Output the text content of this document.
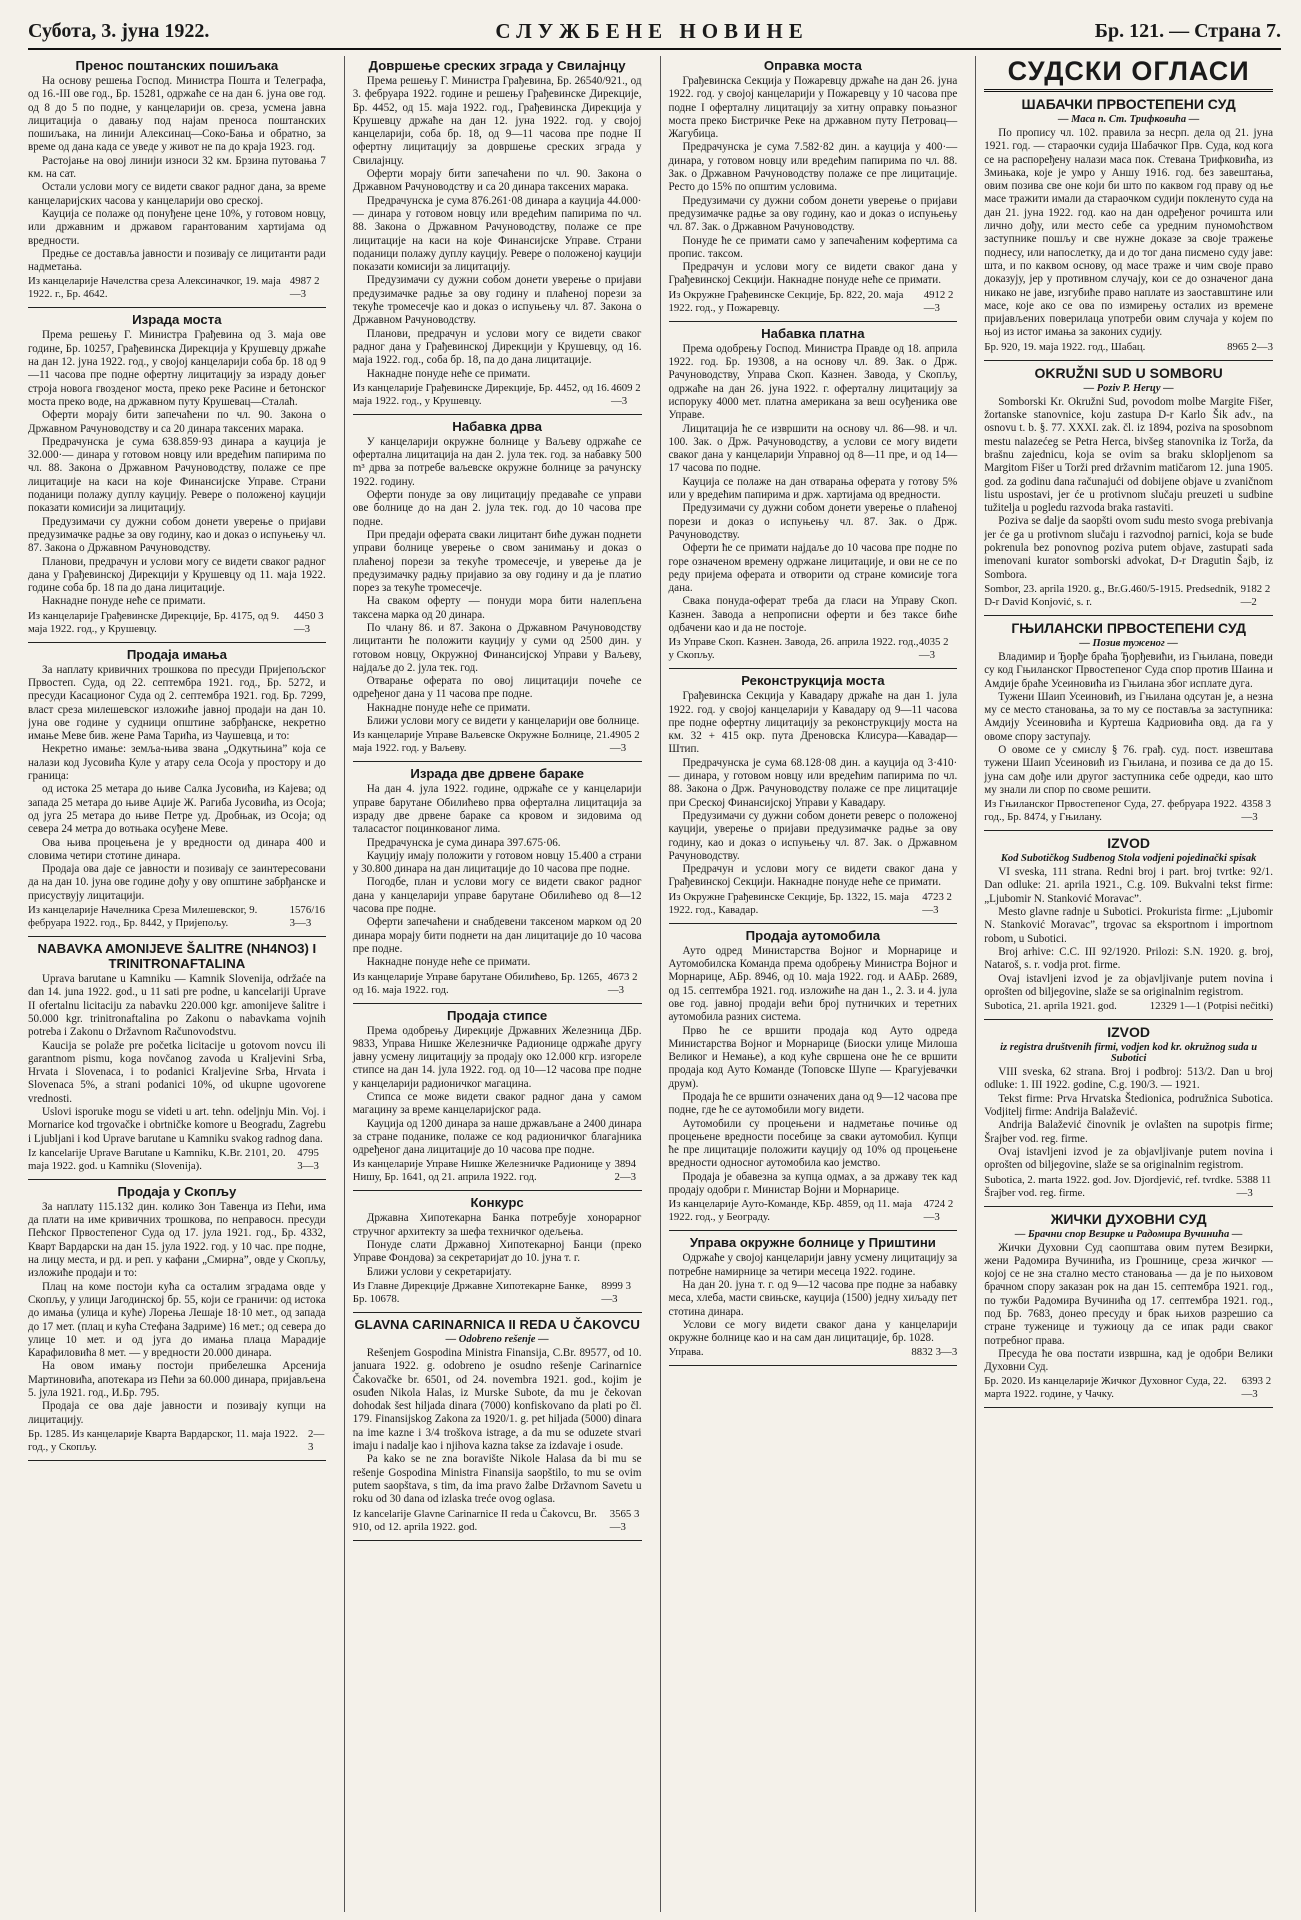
Субота, 3. јуна 1922.	СЛУЖБЕНЕ НОВИНЕ	Бр. 121. — Страна 7.
Пренос поштанских пошиљака

На основу решења Господ. Министра Пошта и Телеграфа, од 16.-III ове год., Бр. 15281, одржаће се на дан 6. јуна ове год. од 8 до 5 по подне, у канцеларији ов. среза, усмена јавна лицитација о давању под најам преноса поштанских пошиљака, на линији Алексинац—Соко-Бања и обратно, за време од дана када се уведе у живот не па до краја 1923. год.

Растојање на овој линији износи 32 км. Брзина путовања 7 км. на сат.

Остали услови могу се видети сваког радног дана, за време канцеларијских часова у канцеларији ово среској.

Кауција се полаже од понуђене цене 10%, у готовом новцу, или државним и државом гарантованим хартијама од вредности.

Предње се доставља јавности и позивају се лицитанти ради надметања.

Из канцеларије Начелства среза Алексиначког, 19. маја 1922. г., Бр. 4642.
4987 2—3
Израда моста

Према решењу Г. Министра Грађевина од 3. маја ове године, Бр. 10257, Грађевинска Дирекција у Крушевцу држаће на дан 12. јуна 1922. год., у својој канцеларији соба бр. 18 од 9—11 часова пре подне офертну лицитацију за израду доњег строја новога гвозденог моста, преко реке Расине и бетонског моста преко воде, на државном путу Крушевац—Сталаћ.

Оферти морају бити запечаћени по чл. 90. Закона о Државном Рачуноводству и са 20 динара таксених марака.

Предрачунска је сума 638.859·93 динара а кауција је 32.000·— динара у готовом новцу или вредећим папирима по чл. 88. Закона о Државном Рачуноводству, полаже се пре лицитације на каси на које Финансијске Управе. Страни поданици полажу дуплу кауцију. Ревере о положеној кауцији показати комисији за лицитацију.

Предузимачи су дужни собом донети уверење о пријави предузимачке радње за ову годину, као и доказ о испуњењу чл. 87. Закона о Државном Рачуноводству.

Планови, предрачун и услови могу се видети сваког радног дана у Грађевинској Дирекцији у Крушевцу од 11. маја 1922. године соба бр. 18 па до дана лицитације.

Накнадне понуде неће се примати.

Из канцеларије Грађевинске Дирекције, Бр. 4175, од 9. маја 1922. год., у Крушевцу.
4450 3—3
Продаја имања

За наплату кривичних трошкова по пресуди Пријепољског Првостеп. Суда, од 22. септембра 1921. год., Бр. 5272, и пресуди Касационог Суда од 2. септембра 1921. год. Бр. 7299, власт среза милешевског изложиће јавној продаји на дан 10. јуна ове године у судници општине забрђанске, некретно имање Меве бив. жене Рама Тарића, из Чаушевца, и то:

Некретно имање: земља-њива звана „Одкутњина” која се налази код Јусовића Куле у атару села Осоја у простору и до граница:

од истока 25 метара до њиве Салка Јусовића, из Кајева; од запада 25 метара до њиве Аџије Ж. Рагиба Јусовића, из Осоја; од југа 25 метара до њиве Петре уд. Дробњак, из Осоја; од севера 24 метра до вотњака осуђене Меве.

Ова њива процењена је у вредности од динара 400 и словима четири стотине динара.

Продаја ова даје се јавности и позивају се заинтересовани да на дан 10. јуна ове године дођу у ову општине забрђанске и присуствују лицитацији.

Из канцеларије Начелника Среза Милешевског, 9. фебруара 1922. год., Бр. 8442, у Пријепољу.
1576/16 3—3
NABAVKA AMONIJEVE ŠALITRE (NH4NO3) I TRINITRONAFTALINA

Uprava barutane u Kamniku — Kamnik Slovenija, održaće na dan 14. juna 1922. god., u 11 sati pre podne, u kancelariji Uprave II ofertalnu licitaciju za nabavku 220.000 kgr. amonijeve šalitre i 50.000 kgr. trinitronaftalina po Zakonu o nabavkama vojnih potreba i Zakonu o Državnom Računovodstvu.

Kaucija se polaže pre početka licitacije u gotovom novcu ili garantnom pismu, koga novčanog zavoda u Kraljevini Srba, Hrvata i Slovenaca, i to podanici Kraljevine Srba, Hrvata i Slovenaca 5%, a strani podanici 10%, od ukupne ugovorene vrednosti.

Uslovi isporuke mogu se videti u art. tehn. odeljnju Min. Voj. i Mornarice kod trgovačke i obrtničke komore u Beogradu, Zagrebu i Ljubljani i kod Uprave barutane u Kamniku svakog radnog dana.

Iz kancelarije Uprave Barutane u Kamniku, K.Br. 2101, 20. maja 1922. god. u Kamniku (Slovenija).
4795 3—3
Продаја у Скопљу

За наплату 115.132 дин. колико Зон Тавенџа из Пећи, има да плати на име кривичних трошкова, по неправосн. пресуди Пећског Првостепеног Суда од 17. јула 1921. год., Бр. 4332, Кварт Вардарски на дан 15. јула 1922. год. у 10 час. пре подне, на лицу места, и рд. и реп. у кафани „Смирна”, овде у Скопљу, изложиће продаји и то:

Плац на коме постоји кућа са осталим зградама овде у Скопљу, у улици Јагодинској бр. 55, који се граничи: од истока до имања (улица и куће) Лорења Лешаје 18·10 мет., од запада до 17 мет. (плац и кућа Стефана Задриме) 16 мет.; од севера до улице 10 мет. и од југа до имања плаца Марадије Карафиловића 8 мет. — у вредности 20.000 динара.

На овом имању постоји прибелешка Арсенија Мартиновића, апотекара из Пећи за 60.000 динара, пријављена 5. јула 1921. год., И.Бр. 795.

Продаја се ова даје јавности и позивају купци на лицитацију.

Бр. 1285. Из канцеларије Кварта Вардарског, 11. маја 1922. год., у Скопљу.
2—3
Довршење среских зграда у Свилајнцу

Према решењу Г. Министра Грађевина, Бр. 26540/921., од 3. фебруара 1922. године и решењу Грађевинске Дирекције, Бр. 4452, од 15. маја 1922. год., Грађевинска Дирекција у Крушевцу држаће на дан 12. јуна 1922. год. у својој канцеларији, соба бр. 18, од 9—11 часова пре подне II офертну лицитацију за довршење среских зграда у Свилајнцу.

Оферти морају бити запечаћени по чл. 90. Закона о Државном Рачуноводству и са 20 динара таксених марака.

Предрачунска је сума 876.261·08 динара а кауција 44.000·— динара у готовом новцу или вредећим папирима по чл. 88. Закона о Државном Рачуноводству, полаже се пре лицитације на каси на које Финансијске Управе. Страни поданици полажу дуплу кауцију. Ревере о положеној кауцији показати комисији за лицитацију.

Предузимачи су дужни собом донети уверење о пријави предузимачке радње за ову годину и плаћеној порези за текуће тромесечје као и доказ о испуњењу чл. 87. Закона о Државном Рачуноводству.

Планови, предрачун и услови могу се видети сваког радног дана у Грађевинској Дирекцији у Крушевцу, од 16. маја 1922. год., соба бр. 18, па до дана лицитације.

Накнадне понуде неће се примати.

Из канцеларије Грађевинске Дирекције, Бр. 4452, од 16. маја 1922. год., у Крушевцу.
4609 2—3
Набавка дрва

У канцеларији окружне болнице у Ваљеву одржаће се офертална лицитација на дан 2. јула тек. год. за набавку 500 m³ дрва за потребе ваљевске окружне болнице за рачунску 1922. годину.

Оферти понуде за ову лицитацију предаваће се управи ове болнице до на дан 2. јула тек. год. до 10 часова пре подне.

При предаји оферата сваки лицитант биће дужан поднети управи болнице уверење о свом занимању и доказ о плаћеној порези за текуће тромесечје, и уверење да је предузимачку радњу пријавио за ову годину и да је платио порез за текуће тромесечје.

На сваком оферту — понуди мора бити налепљена таксена марка од 20 динара.

По члану 86. и 87. Закона о Државном Рачуноводству лицитанти ће положити кауцију у суми од 2500 дин. у готовом новцу, Окружној Финансијској Управи у Ваљеву, најдаље до 2. јула тек. год.

Отварање оферата по овој лицитацији почеће се одређеног дана у 11 часова пре подне.

Накнадне понуде неће се примати.

Ближи услови могу се видети у канцеларији ове болнице.

Из канцеларије Управе Ваљевске Окружне Болнице, 21. маја 1922. год. у Ваљеву.
4905 2—3
Израда две дрвене бараке

На дан 4. јула 1922. године, одржаће се у канцеларији управе барутане Обилићево прва офертална лицитација за израду две дрвене бараке са кровом и зидовима од таласастог поцинкованог лима.

Предрачунска је сума динара 397.675·06.

Кауцију имају положити у готовом новцу 15.400 а страни у 30.800 динара на дан лицитације до 10 часова пре подне.

Погодбе, план и услови могу се видети сваког радног дана у канцеларији управе барутане Обилићево од 8—12 часова пре подне.

Оферти запечаћени и снабдевени таксеном марком од 20 динара морају бити поднети на дан лицитације до 10 часова пре подне.

Накнадне понуде неће се примати.

Из канцеларије Управе барутане Обилићево, Бр. 1265, од 16. маја 1922. год.
4673 2—3
Продаја стипсе

Према одобрењу Дирекције Државних Железница ДБр. 9833, Управа Нишке Железничке Радионице одржаће другу јавну усмену лицитацију за продају око 12.000 кгр. изгореле стипсе на дан 14. јула 1922. год. од 10—12 часова пре подне у канцеларији радионичког магацина.

Стипса се може видети сваког радног дана у самом магацину за време канцеларијског рада.

Кауција од 1200 динара за наше држављане а 2400 динара за стране поданике, полаже се код радионичког благајника одређеног дана лицитације до 10 часова пре подне.

Из канцеларије Управе Нишке Железничке Радионице у Нишу, Бр. 1641, од 21. априла 1922. год.
3894 2—3
Конкурс

Државна Хипотекарна Банка потребује хонорарног стручног архитекту за шефа техничког одељења.

Понуде слати Државној Хипотекарној Банци (преко Управе Фондова) за секретаријат до 10. јуна т. г.

Ближи услови у секретаријату.

Из Главне Дирекције Државне Хипотекарне Банке, Бр. 10678.
8999 3—3
GLAVNA CARINARNICA II REDA U ČAKOVCU
— Odobreno rešenje —

Rešenjem Gospodina Ministra Finansija, C.Br. 89577, od 10. januara 1922. g. odobreno je osudno rešenje Carinarnice Čakovačke br. 6501, od 24. novembra 1921. god., kojim je osuđen Nikola Halas, iz Murske Subote, da mu je čekovan dohodak šest hiljada dinara (7000) konfiskovano da plati po čl. 179. Finansijskog Zakona za 1920/1. g. pet hiljada (5000) dinara na ime kazne i 3/4 troškova istrage, a da mu se oduzete stvari imaju i nadalje kao i njihova kazna takse za izdavaje i osude.

Pa kako se ne zna boravište Nikole Halasa da bi mu se rešenje Gospodina Ministra Finansija saopštilo, to mu se ovim putem saopštava, s tim, da ima pravo žalbe Državnom Savetu u roku od 30 dana od izlaska treće ovog oglasa.

Iz kancelarije Glavne Carinarnice II reda u Čakovcu, Br. 910, od 12. aprila 1922. god.
3565 3—3
Оправка моста

Грађевинска Секција у Пожаревцу држаће на дан 26. јуна 1922. год. у својој канцеларији у Пожаревцу у 10 часова пре подне I оферталну лицитацију за хитну оправку поњазног моста преко Бистричке Реке на државном путу Петровац—Жагубица.

Предрачунска је сума 7.582·82 дин. а кауција у 400·— динара, у готовом новцу или вредећим папирима по чл. 88. Зак. о Државном Рачуноводству полаже се пре лицитације. Ресто до 15% по општим условима.

Предузимачи су дужни собом донети уверење о пријави предузимачке радње за ову годину, као и доказ о испуњењу чл. 87. Зак. о Државном Рачуноводству.

Понуде ће се примати само у запечаћеним кофертима са пропис. таксом.

Предрачун и услови могу се видети сваког дана у Грађевинској Секцији. Накнадне понуде неће се примати.

Из Окружне Грађевинске Секције, Бр. 822, 20. маја 1922. год., у Пожаревцу.
4912 2—3
Набавка платна

Према одобрењу Господ. Министра Правде од 18. априла 1922. год. Бр. 19308, а на основу чл. 89. Зак. о Држ. Рачуноводству, Управа Скоп. Казнен. Завода, у Скопљу, одржаће на дан 26. јуна 1922. г. оферталну лицитацију за испоруку 4000 мет. платна американа за веш осуђеника ове Управе.

Лицитација ће се извршити на основу чл. 86—98. и чл. 100. Зак. о Држ. Рачуноводству, а услови се могу видети сваког дана у канцеларији Управној од 8—11 пре, и од 14—17 часова по подне.

Кауција се полаже на дан отварања оферата у готову 5% или у вредећим папирима и држ. хартијама од вредности.

Предузимачи су дужни собом донети уверење о плаћеној порези и доказ о испуњењу чл. 87. Зак. о Држ. Рачуноводству.

Оферти ће се примати најдаље до 10 часова пре подне по горе означеном времену одржане лицитације, и ови не се по реду пријема оферата и отворити од стране комисије тога дана.

Свака понуда-оферат треба да гласи на Управу Скоп. Казнен. Завода а непрописни оферти и без таксе биће одбачени као и да не постоје.

Из Управе Скоп. Казнен. Завода, 26. априла 1922. год., у Скопљу.
4035 2—3
Реконструкција моста

Грађевинска Секција у Кавадару држаће на дан 1. јула 1922. год. у својој канцеларији у Кавадару од 9—11 часова пре подне офертну лицитацију за реконструкцију моста на км. 32 + 415 окр. пута Дреновска Клисура—Кавадар—Штип.

Предрачунска је сума 68.128·08 дин. а кауција од 3·410·— динара, у готовом новцу или вредећим папирима по чл. 88. Закона о Држ. Рачуноводству полаже се пре лицитације при Среској Финансијској Управи у Кавадару.

Предузимачи су дужни собом донети реверс о положеној кауцији, уверење о пријави предузимачке радње за ову годину, као и доказ о испуњењу чл. 87. Зак. о Државном Рачуноводству.

Предрачун и услови могу се видети сваког дана у Грађевинској Секцији. Накнадне понуде неће се примати.

Из Окружне Грађевинске Секције, Бр. 1322, 15. маја 1922. год., Кавадар.
4723 2—3
Продаја аутомобила

Ауто одред Министарства Војног и Морнарице и Аутомобилска Команда према одобрењу Министра Војног и Морнарице, АБр. 8946, од 10. маја 1922. год. и ААБр. 2689, од 15. септембра 1921. год. изложиће на дан 1., 2. 3. и 4. јула ове год. јавној продаји већи број путничких и теретних аутомобила разних система.

Прво ће се вршити продаја код Ауто одреда Министарства Војног и Морнарице (Биоски улице Милоша Великог и Немање), а код куће свршена оне ће се вршити продаја код Ауто Команде (Топовске Шупе — Крагујевачки друм).

Продаја ће се вршити означених дана од 9—12 часова пре подне, где ће се аутомобили могу видети.

Аутомобили су процењени и надметање почиње од процењене вредности посебице за сваки аутомобил. Купци ће пре лицитације положити кауцију од 10% од процењене вредности односног аутомобила као јемство.

Продаја је обавезна за купца одмах, а за државу тек кад продају одобри г. Министар Војни и Морнарице.

Из канцеларије Ауто-Команде, КБр. 4859, од 11. маја 1922. год., у Београду.
4724 2—3
Управа окружне болнице у Приштини

Одржаће у својој канцеларији јавну усмену лицитацију за потребне намирнице за четири месеца 1922. године.

На дан 20. јуна т. г. од 9—12 часова пре подне за набавку меса, хлеба, масти свињске, кауција (1500) једну хиљаду пет стотина динара.

Услови се могу видети сваког дана у канцеларији окружне болнице као и на сам дан лицитације, бр. 1028.

Управа.	8832 3—3
СУДСКИ ОГЛАСИ
ШАБАЧКИ ПРВОСТЕПЕНИ СУД
— Маса п. Ст. Трифковића —

По пропису чл. 102. правила за несрп. дела од 21. јуна 1921. год. — стараочки судија Шабачког Прв. Суда, код кога се на распоређену налази маса пок. Стевана Трифковића, из Змињака, које је умро у Аншу 1916. год. без завештања, овим позива све оне који би што по каквом год праву од ње масе тражити имали да стараочком судији покленуто суда на дан 21. јуна 1922. год. као на дан одређеног рочишта или лично дођу, или место себе са уредним пуномоћством заступнике пошљу и све нужне доказе за своје тражење поднесу, или напослетку, да и до тог дана писмено суду јаве: шта, и по каквом основу, од масе траже и чим своје право доказују, јер у противном случају, кои се до означеног дана никако не јаве, изгубиће право наплате из заоставштине или масе, које ако се ова по измирењу осталих из времене пријављених поверилаца употреби овим случаја у којем по њој из истог имања за законих судију.

Бр. 920, 19. маја 1922. год., Шабац.	8965 2—3
OKRUŽNI SUD U SOMBORU
— Poziv P. Herцу —

Somborski Kr. Okružni Sud, povodom molbe Margite Fišer, žortanske stanovnice, koju zastupa D-r Karlo Šik adv., na osnovu t. b. §. 77. XXXI. zak. čl. iz 1894, poziva na sposobnom mestu nalazećeg se Petra Herca, bivšeg stanovnika iz Torža, da brašnu zajednicu, koja se ovim sa braku sklopljenom sa Margitom Fišer u Torži pred državnim matičarom 12. juna 1905. god. za godinu dana računajući od dobijene objave u zvaničnom listu uspostavi, jer će u protivnom slučaju preuzeti u sudbine tužitelja u pogledu razvoda braka rastaviti.

Poziva se dalje da saopšti ovom sudu mesto svoga prebivanja jer će ga u protivnom slučaju i razvodnoj parnici, koja se bude pokrenula bez ponovnog poziva putem objave, zastupati sada imenovani kurator somborski advokat, D-r Dragutin Šajb, iz Sombora.

Sombor, 23. aprila 1920. g., Br.G.460/5-1915. Predsednik, D-r David Konjović, s. r.
9182 2—2
ГЊИЛАНСКИ ПРВОСТЕПЕНИ СУД
— Позив туженог —

Владимир и Ђорђе браћа Ђорђевићи, из Гњилана, поведи су код Гњиланског Првостепеног Суда спор против Шаина и Амдије браће Усеиновића из Гњилана због исплате дуга.

Тужени Шаип Усеиновић, из Гњилана одсутан је, а незна му се место становања, за то му се поставља за заступника: Амдију Усеиновића и Куртеша Кадриовића овд. да га у овоме спору заступају.

О овоме се у смислу § 76. грађ. суд. пост. извештава тужени Шаип Усеиновић из Гњилана, и позива се да до 15. јуна сам дође или другог заступника себе одреди, као што му знали ли спор по своме решити.

Из Гњиланског Првостепеног Суда, 27. фебруара 1922. год., Бр. 8474, у Гњилану.
4358 3—3
IZVOD
Kod Subotičkog Sudbenog Stola vodjeni pojedinački spisak

VI sveska, 111 strana. Redni broj i part. broj tvrtke: 92/1. Dan odluke: 21. aprila 1921., C.g. 109. Bukvalni tekst firme: „Ljubomir N. Stanković Moravac”.

Mesto glavne radnje u Subotici. Prokurista firme: „Ljubomir N. Stanković Moravac”, trgovac sa eksportnom i importnom robom, u Subotici.

Broj arhive: C.C. III 92/1920. Prilozi: S.N. 1920. g. broj, Nataroš, s. r. vodja prot. firme.

Ovaj istavljeni izvod je za objavljivanje putem novina i oprošten od biljegovine, slaže se sa originalnim registrom.

Subotica, 21. aprila 1921. god.	12329 1—1 (Potpisi nečitki)
IZVOD
iz registra društvenih firmi, vodjen kod kr. okružnog suda u Subotici

VIII sveska, 62 strana. Broj i podbroj: 513/2. Dan u broj odluke: 1. III 1922. godine, C.g. 190/3. — 1921.

Tekst firme: Prva Hrvatska Štedionica, podružnica Subotica. Vodjitelj firme: Andrija Balažević.

Andrija Balažević činovnik je ovlašten na supotpis firme; Šrajber vod. reg. firme.

Ovaj istavljeni izvod je za objavljivanje putem novina i oprošten od biljegovine, slaže se sa originalnim registrom.

Subotica, 2. marta 1922. god. Jov. Djordjević, ref. tvrdke. Šrajber vod. reg. firme.
5388 11—3
ЖИЧКИ ДУХОВНИ СУД
— Брачни спор Везирке и Радомира Вучинића —

Жички Духовни Суд саопштава овим путем Везирки, жени Радомира Вучинића, из Грошнице, среза жичког — којој се не зна стално место становања — да је по њиховом брачном спору заказан рок на дан 15. септембра 1921. год., по тужби Радомира Вучинића од 17. септембра 1921. год., под Бр. 7683, донео пресуду и брак њихов разрешио са стране туженице и тужиоцу да се ипак ради сваког потребног права.

Пресуда ће ова постати извршна, кад је одобри Велики Духовни Суд.

Бр. 2020. Из канцеларије Жичког Духовног Суда, 22. марта 1922. године, у Чачку.
6393 2—3
